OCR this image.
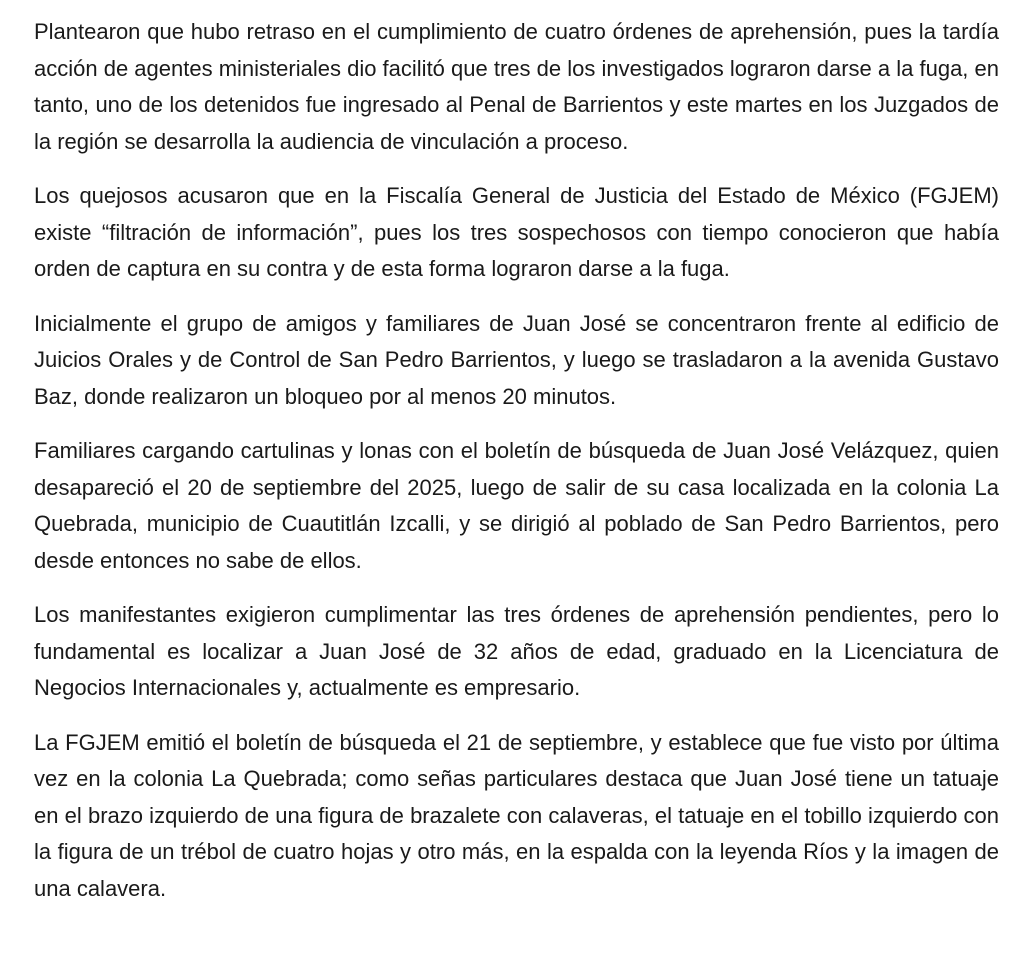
Plantearon que hubo retraso en el cumplimiento de cuatro órdenes de aprehensión, pues la tardía acción de agentes ministeriales dio facilitó que tres de los investigados lograron darse a la fuga, en tanto, uno de los detenidos fue ingresado al Penal de Barrientos y este martes en los Juzgados de la región se desarrolla la audiencia de vinculación a proceso.

Los quejosos acusaron que en la Fiscalía General de Justicia del Estado de México (FGJEM) existe “filtración de información”, pues los tres sospechosos con tiempo conocieron que había orden de captura en su contra y de esta forma lograron darse a la fuga.

Inicialmente el grupo de amigos y familiares de Juan José se concentraron frente al edificio de Juicios Orales y de Control de San Pedro Barrientos, y luego se trasladaron a la avenida Gustavo Baz, donde realizaron un bloqueo por al menos 20 minutos.

Familiares cargando cartulinas y lonas con el boletín de búsqueda de Juan José Velázquez, quien desapareció el 20 de septiembre del 2025, luego de salir de su casa localizada en la colonia La Quebrada, municipio de Cuautitlán Izcalli, y se dirigió al poblado de San Pedro Barrientos, pero desde entonces no sabe de ellos.

Los manifestantes exigieron cumplimentar las tres órdenes de aprehensión pendientes, pero lo fundamental es localizar a Juan José de 32 años de edad, graduado en la Licenciatura de Negocios Internacionales y, actualmente es empresario.

La FGJEM emitió el boletín de búsqueda el 21 de septiembre, y establece que fue visto por última vez en la colonia La Quebrada; como señas particulares destaca que Juan José tiene un tatuaje en el brazo izquierdo de una figura de brazalete con calaveras, el tatuaje en el tobillo izquierdo con la figura de un trébol de cuatro hojas y otro más, en la espalda con la leyenda Ríos y la imagen de una calavera.
